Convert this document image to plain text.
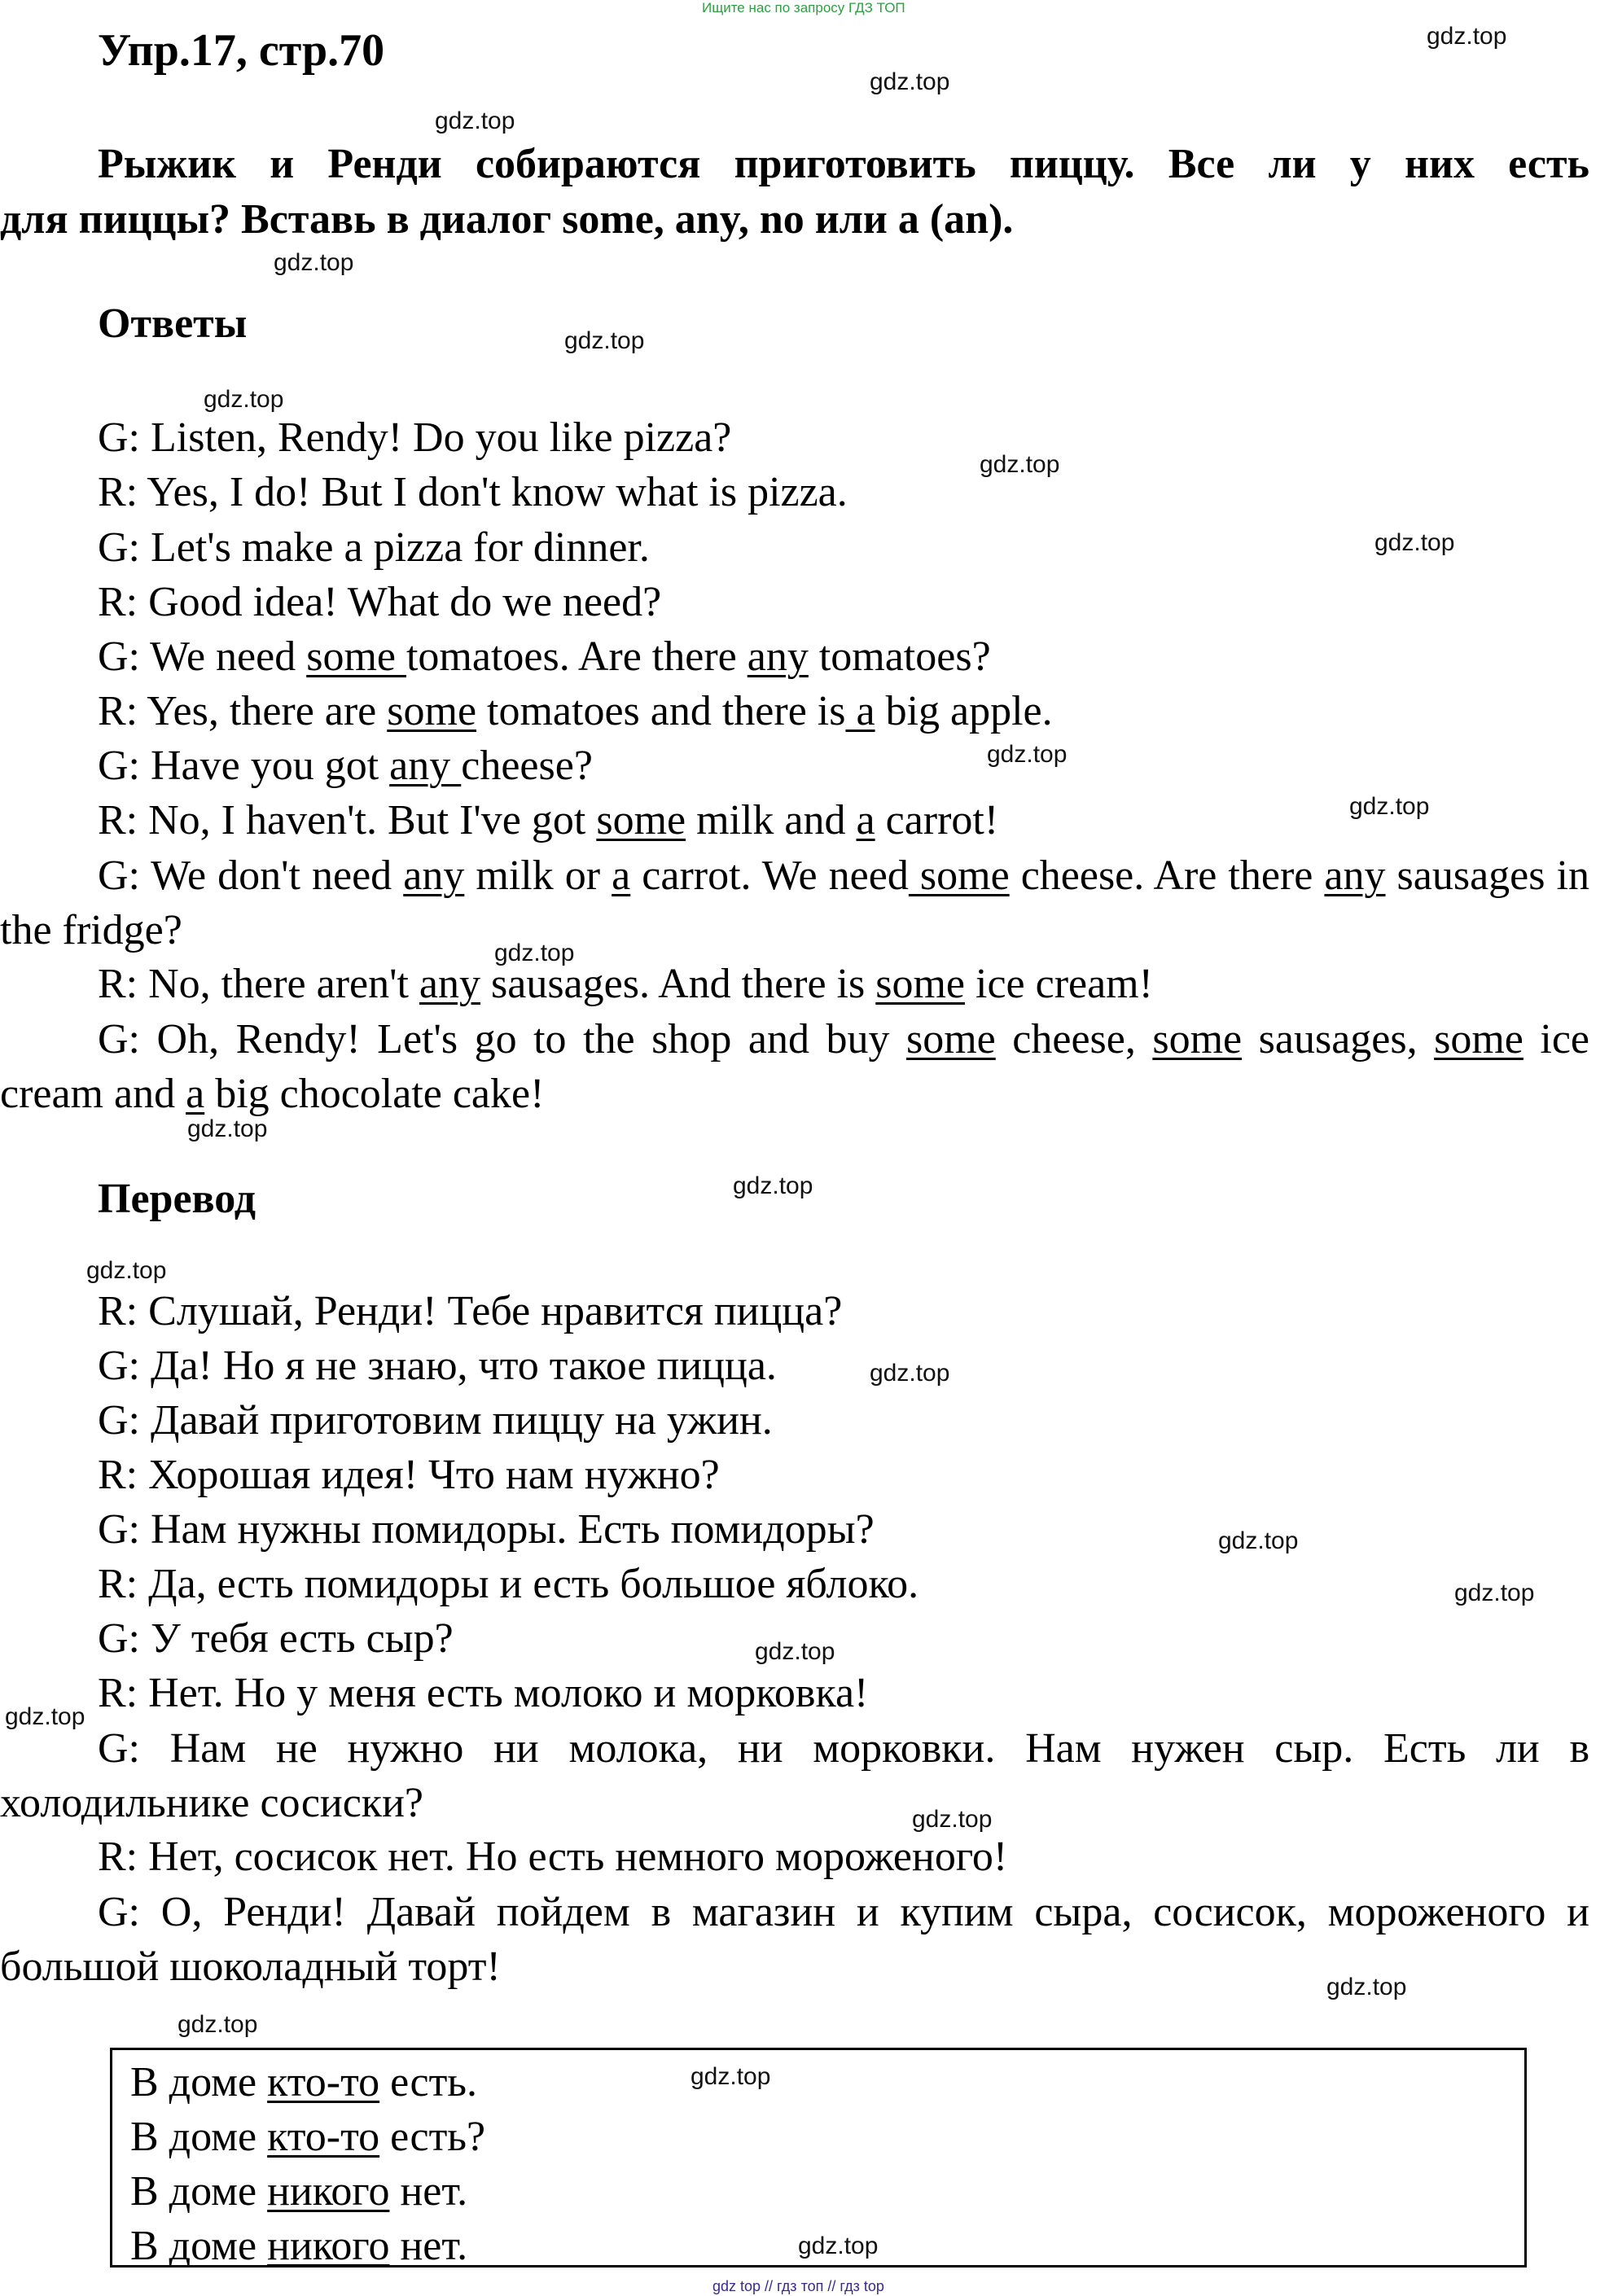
Ищите нас по запросу ГДЗ ТОП
Упр.17, стр.70
Рыжик и Ренди собираются приготовить пиццу. Все ли у них есть
для пиццы? Вставь в диалог some, any, no или a (an).
Ответы
G: Listen, Rendy! Do you like pizza?
R: Yes, I do! But I don't know what is pizza.
G: Let's make a pizza for dinner.
R: Good idea! What do we need?
G: We need some tomatoes. Are there any tomatoes?
R: Yes, there are some tomatoes and there is a big apple.
G: Have you got any cheese?
R: No, I haven't. But I've got some milk and a carrot!
G: We don't need any milk or a carrot. We need some cheese. Are there any sausages in the fridge?
R: No, there aren't any sausages. And there is some ice cream!
G: Oh, Rendy! Let's go to the shop and buy some cheese, some sausages, some ice cream and a big chocolate cake!
Перевод
R: Слушай, Ренди! Тебе нравится пицца?
G: Да! Но я не знаю, что такое пицца.
G: Давай приготовим пиццу на ужин.
R: Хорошая идея! Что нам нужно?
G: Нам нужны помидоры. Есть помидоры?
R: Да, есть помидоры и есть большое яблоко.
G: У тебя есть сыр?
R: Нет. Но у меня есть молоко и морковка!
G: Нам не нужно ни молока, ни морковки. Нам нужен сыр. Есть ли в холодильнике сосиски?
R: Нет, сосисок нет. Но есть немного мороженого!
G: О, Ренди! Давай пойдем в магазин и купим сыра, сосисок, мороженого и большой шоколадный торт!
В доме кто-то есть.
В доме кто-то есть?
В доме никого нет.
В доме никого нет.
gdz.top
gdz.top
gdz.top
gdz.top
gdz.top
gdz.top
gdz.top
gdz.top
gdz.top
gdz.top
gdz.top
gdz.top
gdz.top
gdz.top
gdz.top
gdz.top
gdz.top
gdz.top
gdz.top
gdz.top
gdz.top
gdz.top
gdz.top
gdz.top
gdz top // гдз топ // гдз top
